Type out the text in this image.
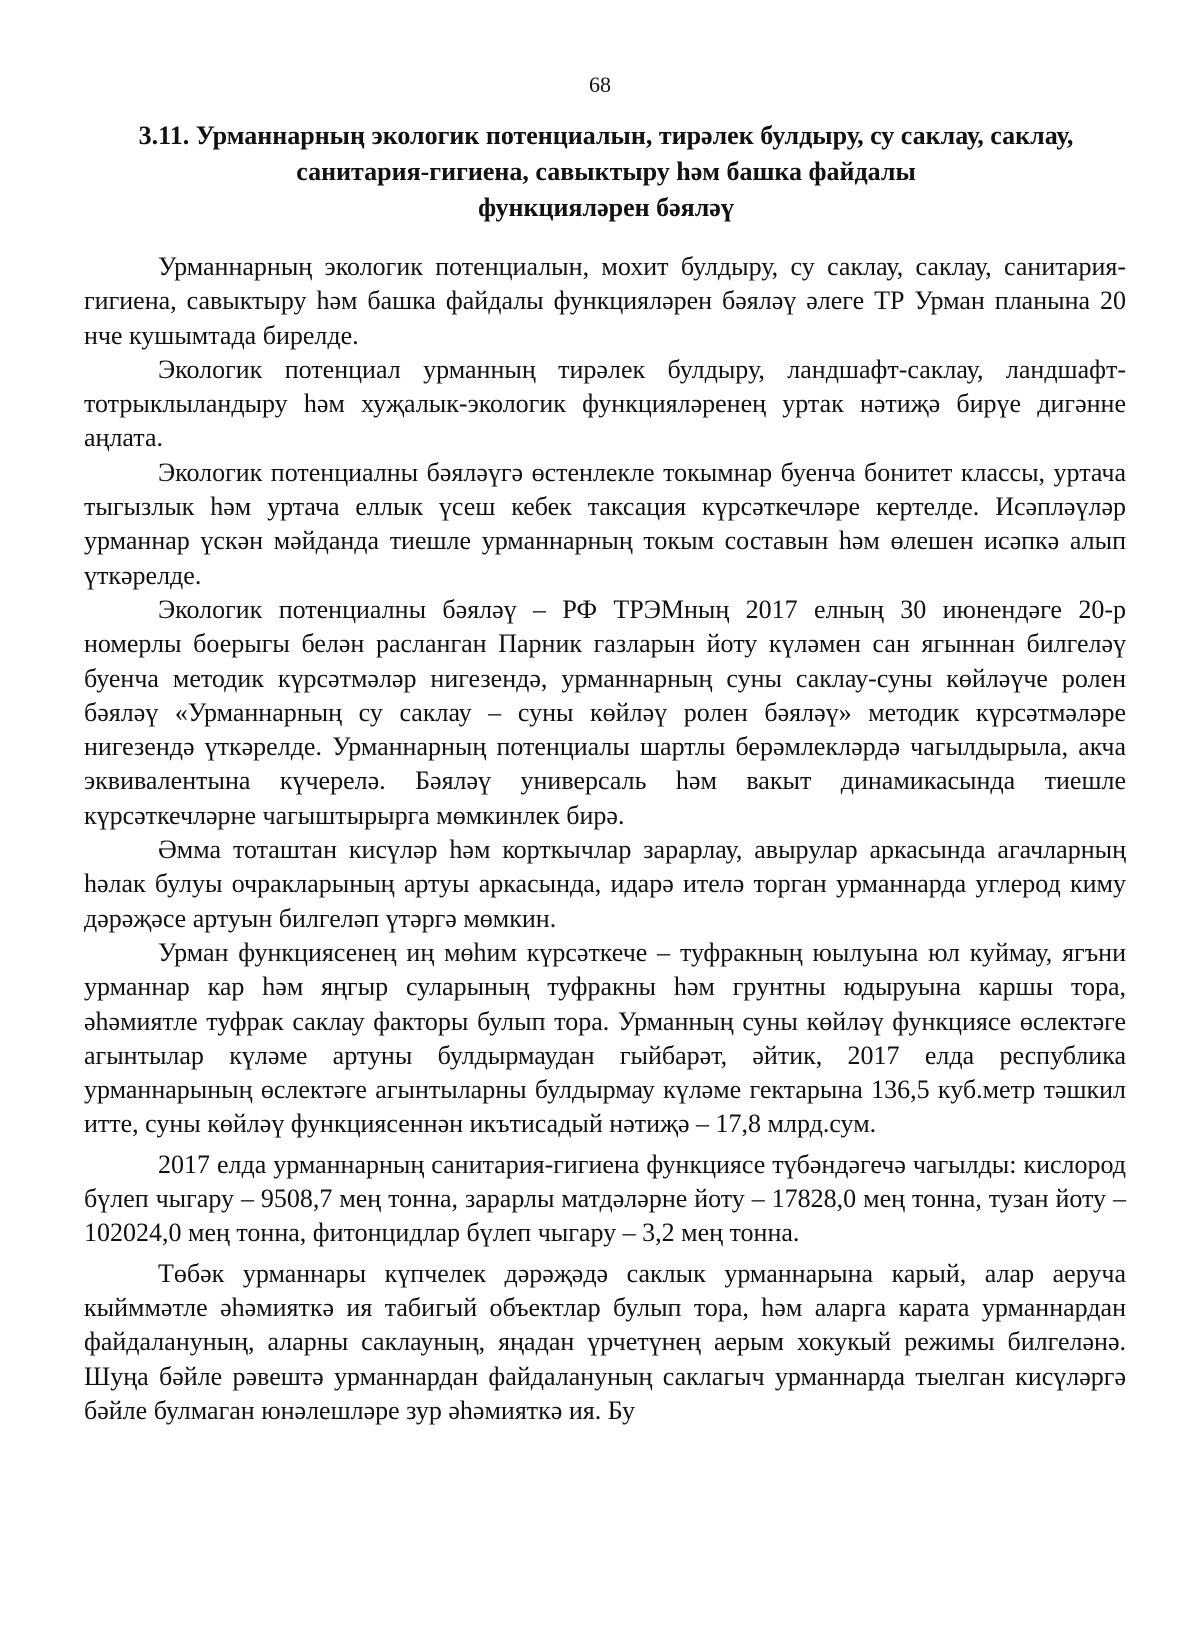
68
3.11. Урманнарның экологик потенциалын, тирәлек булдыру, су саклау, саклау,
санитария-гигиена, савыктыру һәм башка файдалы
функцияләрен бәяләү

Урманнарның экологик потенциалын, мохит булдыру, су саклау, саклау, санитария-гигиена, савыктыру һәм башка файдалы функцияләрен бәяләү әлеге ТР Урман планына 20 нче кушымтада бирелде.

Экологик потенциал урманның тирәлек булдыру, ландшафт-саклау, ландшафт-тотрыклыландыру һәм хуҗалык-экологик функцияләренең уртак нәтиҗә бирүе дигәнне аңлата.

Экологик потенциалны бәяләүгә өстенлекле токымнар буенча бонитет классы, уртача тыгызлык һәм уртача еллык үсеш кебек таксация күрсәткечләре кертелде. Исәпләүләр урманнар үскән мәйданда тиешле урманнарның токым составын һәм өлешен исәпкә алып үткәрелде.

Экологик потенциалны бәяләү – РФ ТРЭМның 2017 елның 30 июнендәге 20-р номерлы боерыгы белән расланган Парник газларын йоту күләмен сан ягыннан билгеләү буенча методик күрсәтмәләр нигезендә, урманнарның суны саклау-суны көйләүче ролен бәяләү «Урманнарның су саклау – суны көйләү ролен бәяләү» методик күрсәтмәләре нигезендә үткәрелде. Урманнарның потенциалы шартлы берәмлекләрдә чагылдырыла, акча эквивалентына күчерелә. Бәяләү универсаль һәм вакыт динамикасында тиешле күрсәткечләрне чагыштырырга мөмкинлек бирә.

Әмма тоташтан кисүләр һәм корткычлар зарарлау, авырулар аркасында агачларның һәлак булуы очракларының артуы аркасында, идарә ителә торган урманнарда углерод киму дәрәҗәсе артуын билгеләп үтәргә мөмкин.

Урман функциясенең иң мөһим күрсәткече – туфракның юылуына юл куймау, ягъни урманнар кар һәм яңгыр суларының туфракны һәм грунтны юдыруына каршы тора, әһәмиятле туфрак саклау факторы булып тора. Урманның суны көйләү функциясе өслектәге агынтылар күләме артуны булдырмаудан гыйбарәт, әйтик, 2017 елда республика урманнарының өслектәге агынтыларны булдырмау күләме гектарына 136,5 куб.метр тәшкил итте, суны көйләү функциясеннән икътисадый нәтиҗә – 17,8 млрд.сум.

2017 елда урманнарның санитария-гигиена функциясе түбәндәгечә чагылды: кислород бүлеп чыгару – 9508,7 мең тонна, зарарлы матдәләрне йоту – 17828,0 мең тонна, тузан йоту – 102024,0 мең тонна, фитонцидлар бүлеп чыгару – 3,2 мең тонна.

Төбәк урманнары күпчелек дәрәҗәдә саклык урманнарына карый, алар аеруча кыйммәтле әһәмияткә ия табигый объектлар булып тора, һәм аларга карата урманнардан файдалануның, аларны саклауның, яңадан үрчетүнең аерым хокукый режимы билгеләнә. Шуңа бәйле рәвештә урманнардан файдалануның саклагыч урманнарда тыелган кисүләргә бәйле булмаган юнәлешләре зур әһәмияткә ия. Бу
